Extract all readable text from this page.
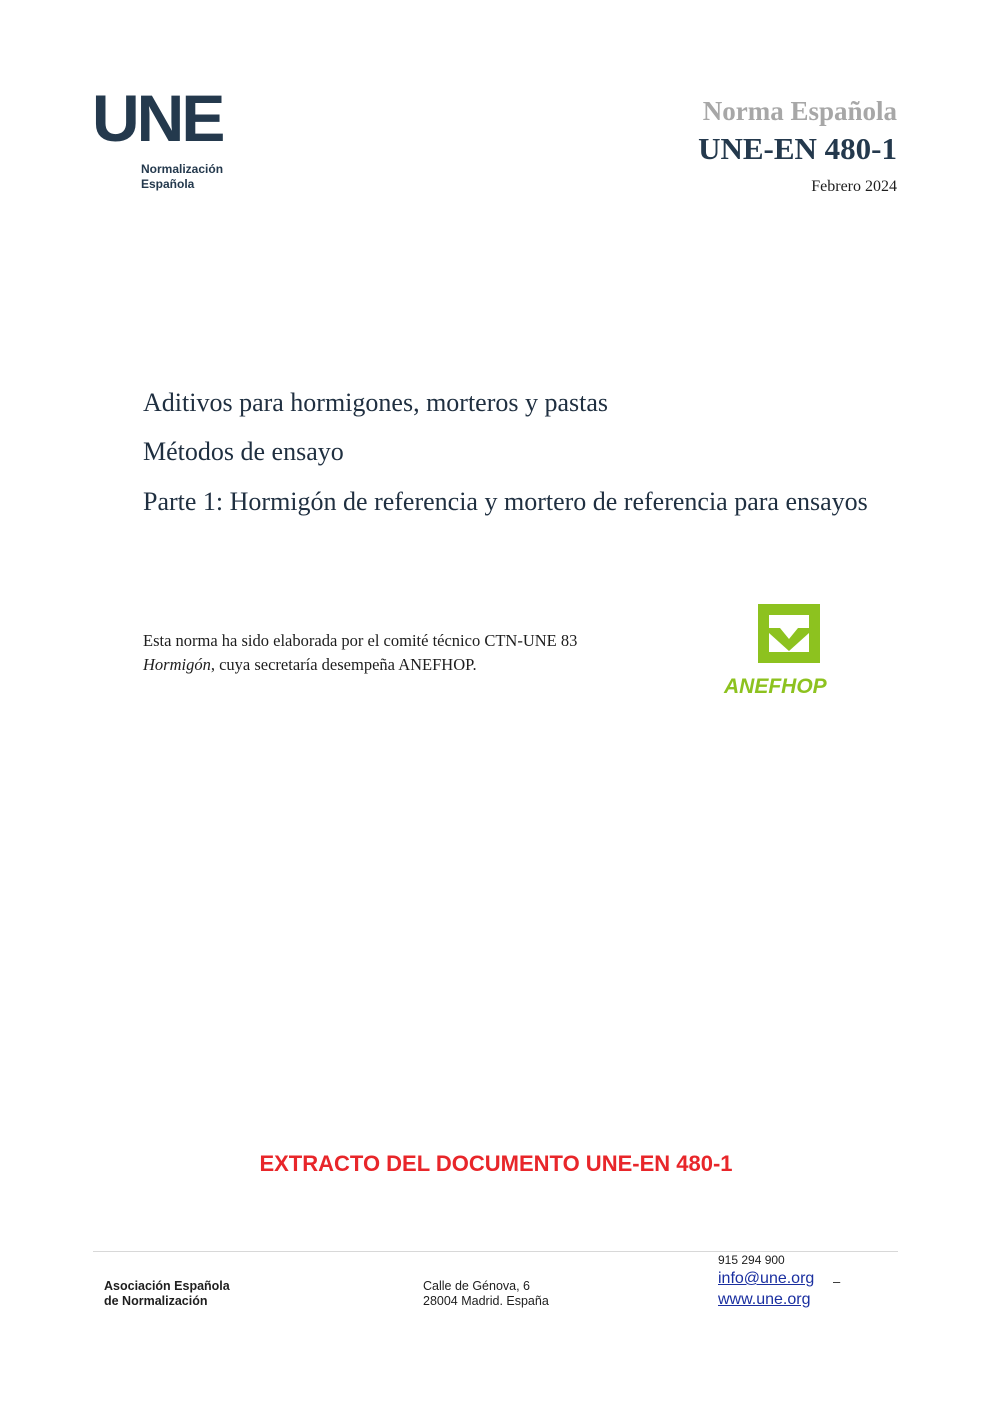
UNE
Normalización
Española
Norma Española
UNE-EN 480-1
Febrero 2024
Aditivos para hormigones, morteros y pastas
Métodos de ensayo
Parte 1: Hormigón de referencia y mortero de referencia para ensayos
Esta norma ha sido elaborada por el comité técnico CTN-UNE 83 Hormigón, cuya secretaría desempeña ANEFHOP.
ANEFHOP
EXTRACTO DEL DOCUMENTO UNE-EN 480-1
Asociación Española
de Normalización
Calle de Génova, 6
28004 Madrid. España
915 294 900
info@une.org –
www.une.org
